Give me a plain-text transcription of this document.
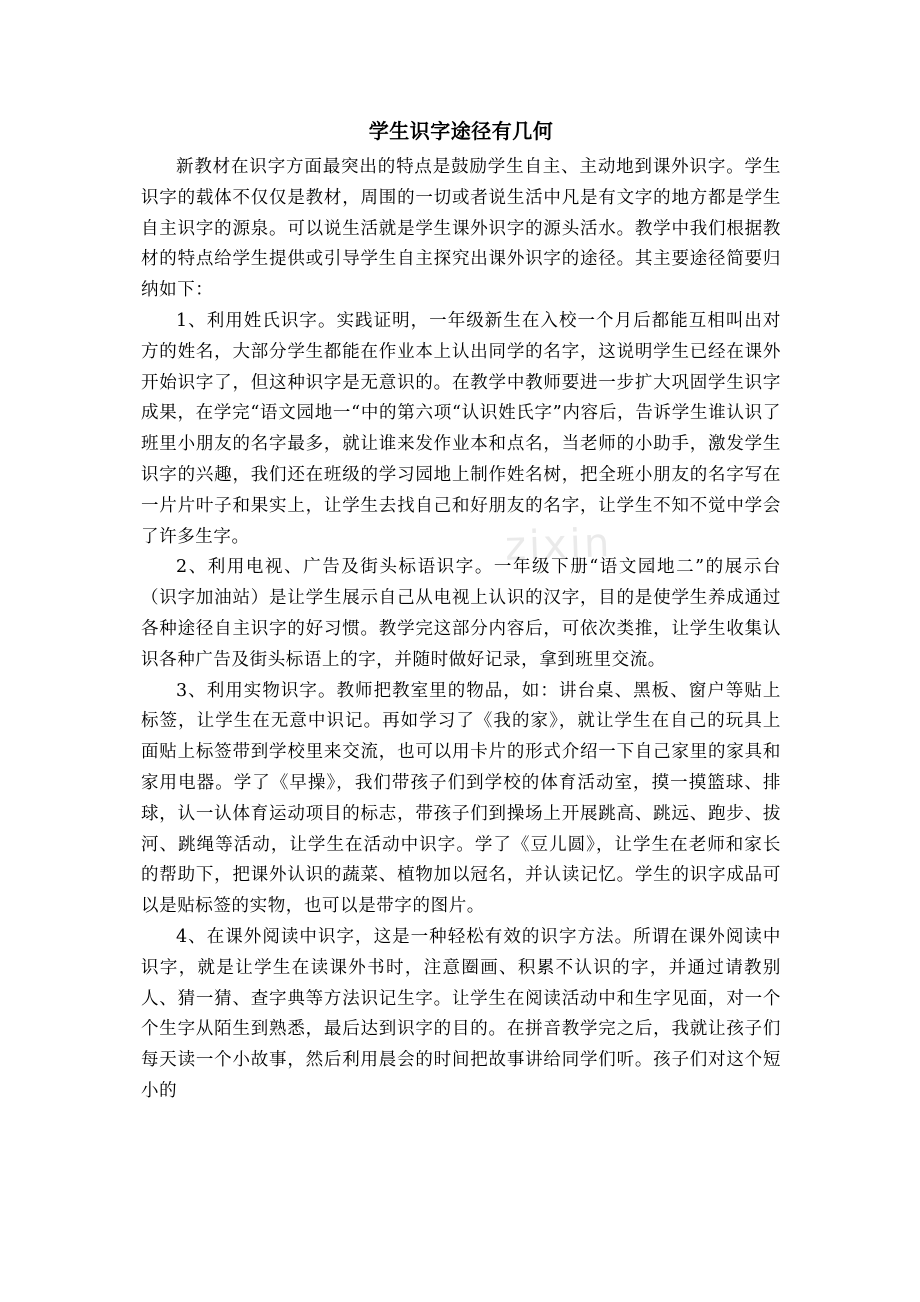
zixin
学生识字途径有几何

新教材在识字方面最突出的特点是鼓励学生自主、主动地到课外识字。学生识字的载体不仅仅是教材，周围的一切或者说生活中凡是有文字的地方都是学生自主识字的源泉。可以说生活就是学生课外识字的源头活水。教学中我们根据教材的特点给学生提供或引导学生自主探究出课外识字的途径。其主要途径简要归纳如下：

1、利用姓氏识字。实践证明，一年级新生在入校一个月后都能互相叫出对方的姓名，大部分学生都能在作业本上认出同学的名字，这说明学生已经在课外开始识字了，但这种识字是无意识的。在教学中教师要进一步扩大巩固学生识字成果，在学完“语文园地一“中的第六项“认识姓氏字”内容后，告诉学生谁认识了班里小朋友的名字最多，就让谁来发作业本和点名，当老师的小助手，激发学生识字的兴趣，我们还在班级的学习园地上制作姓名树，把全班小朋友的名字写在一片片叶子和果实上，让学生去找自己和好朋友的名字，让学生不知不觉中学会了许多生字。

2、利用电视、广告及街头标语识字。一年级下册“语文园地二”的展示台（识字加油站）是让学生展示自己从电视上认识的汉字，目的是使学生养成通过各种途径自主识字的好习惯。教学完这部分内容后，可依次类推，让学生收集认识各种广告及街头标语上的字，并随时做好记录，拿到班里交流。

3、利用实物识字。教师把教室里的物品，如：讲台桌、黑板、窗户等贴上标签，让学生在无意中识记。再如学习了《我的家》，就让学生在自己的玩具上面贴上标签带到学校里来交流，也可以用卡片的形式介绍一下自己家里的家具和家用电器。学了《早操》，我们带孩子们到学校的体育活动室，摸一摸篮球、排球，认一认体育运动项目的标志，带孩子们到操场上开展跳高、跳远、跑步、拔河、跳绳等活动，让学生在活动中识字。学了《豆儿圆》，让学生在老师和家长的帮助下，把课外认识的蔬菜、植物加以冠名，并认读记忆。学生的识字成品可以是贴标签的实物，也可以是带字的图片。

4、在课外阅读中识字，这是一种轻松有效的识字方法。所谓在课外阅读中识字，就是让学生在读课外书时，注意圈画、积累不认识的字，并通过请教别人、猜一猜、查字典等方法识记生字。让学生在阅读活动中和生字见面，对一个个生字从陌生到熟悉，最后达到识字的目的。在拼音教学完之后，我就让孩子们每天读一个小故事，然后利用晨会的时间把故事讲给同学们听。孩子们对这个短小的
